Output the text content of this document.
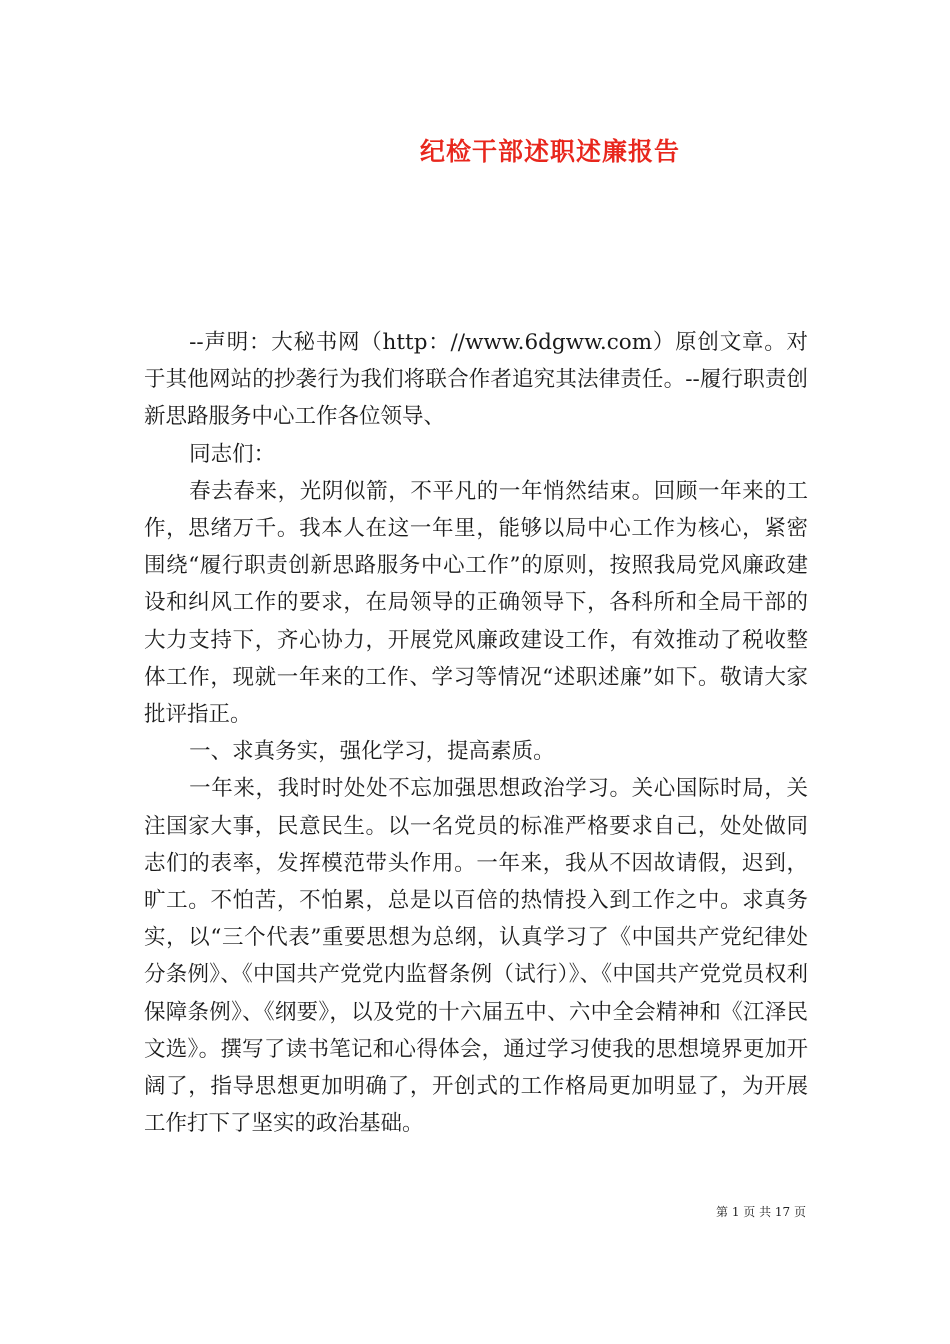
纪检干部述职述廉报告

--声明：大秘书网（http：//www.6dgww.com）原创文章。对于其他网站的抄袭行为我们将联合作者追究其法律责任。--履行职责创新思路服务中心工作各位领导、

同志们：

春去春来，光阴似箭，不平凡的一年悄然结束。回顾一年来的工作，思绪万千。我本人在这一年里，能够以局中心工作为核心，紧密围绕“履行职责创新思路服务中心工作”的原则，按照我局党风廉政建设和纠风工作的要求，在局领导的正确领导下，各科所和全局干部的大力支持下，齐心协力，开展党风廉政建设工作，有效推动了税收整体工作，现就一年来的工作、学习等情况“述职述廉”如下。敬请大家批评指正。

一、求真务实，强化学习，提高素质。

一年来，我时时处处不忘加强思想政治学习。关心国际时局，关注国家大事，民意民生。以一名党员的标准严格要求自己，处处做同志们的表率，发挥模范带头作用。一年来，我从不因故请假，迟到，旷工。不怕苦，不怕累，总是以百倍的热情投入到工作之中。求真务实，以“三个代表”重要思想为总纲，认真学习了《中国共产党纪律处分条例》、《中国共产党党内监督条例（试行）》、《中国共产党党员权利保障条例》、《纲要》，以及党的十六届五中、六中全会精神和《江泽民文选》。撰写了读书笔记和心得体会，通过学习使我的思想境界更加开阔了，指导思想更加明确了，开创式的工作格局更加明显了，为开展工作打下了坚实的政治基础。

第 1 页 共 17 页
